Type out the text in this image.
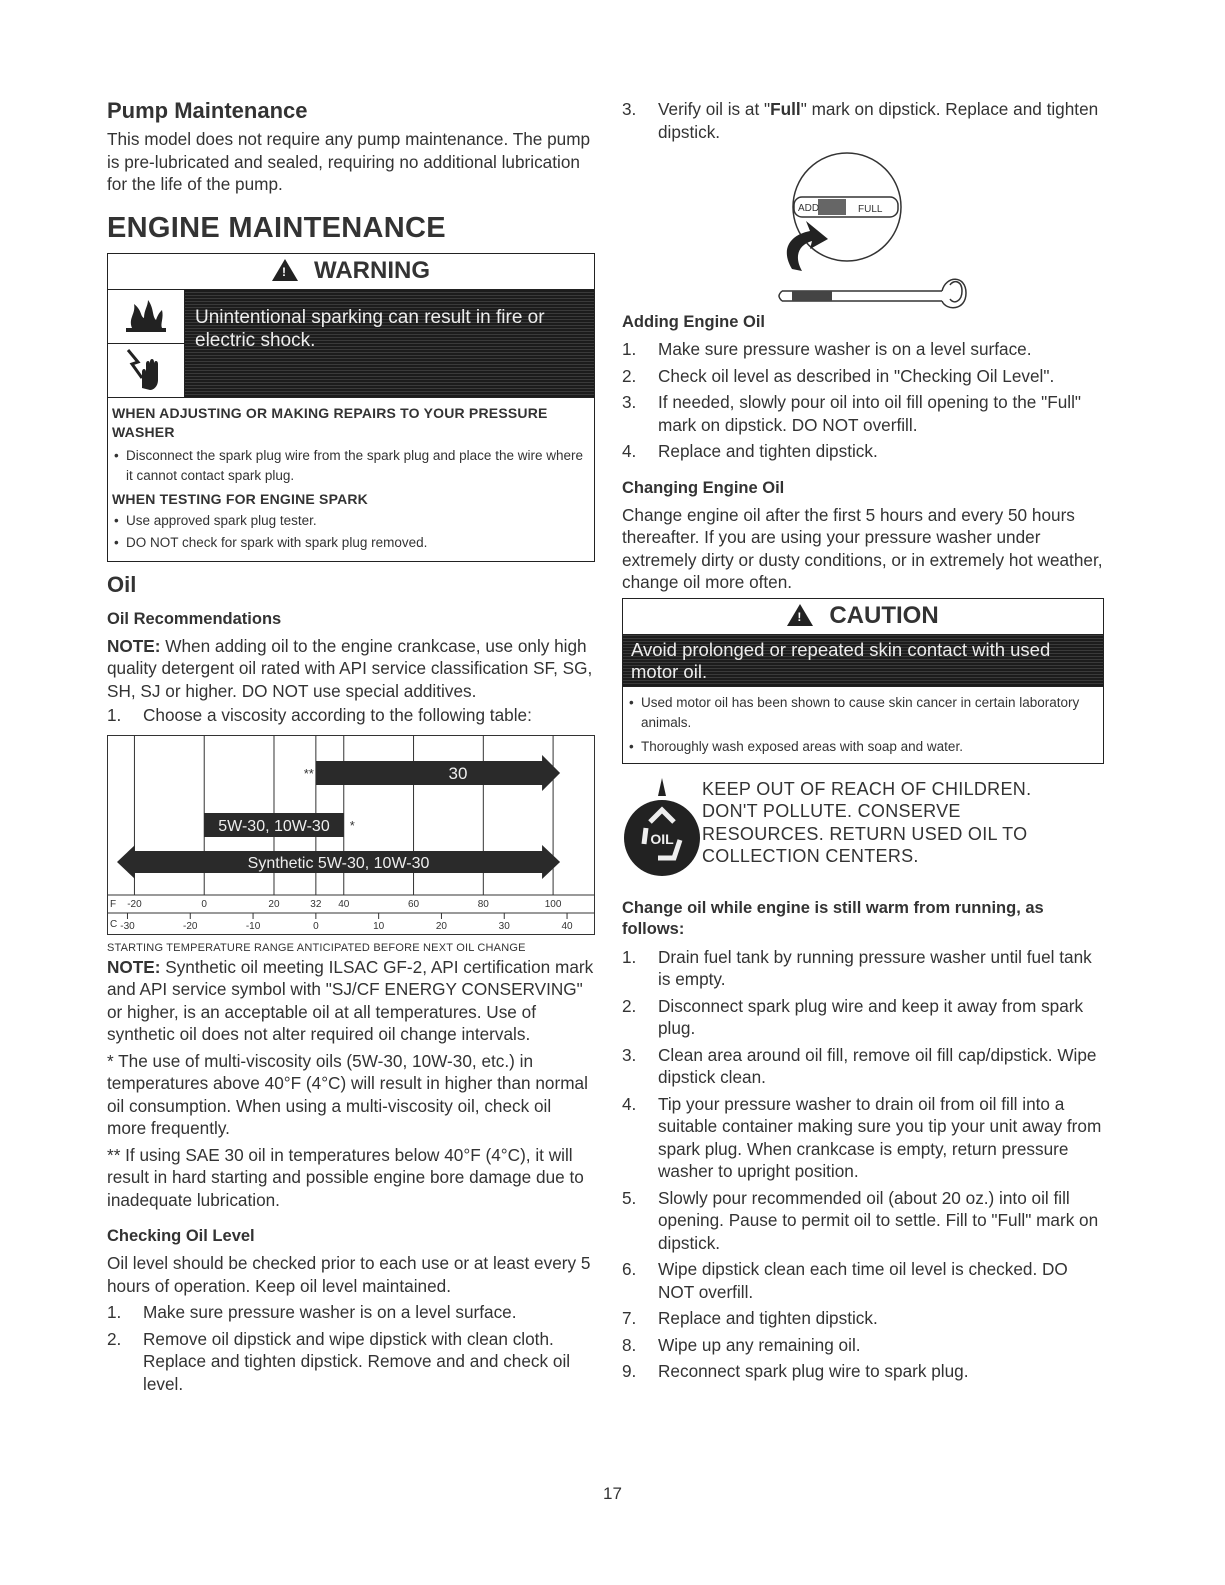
Pump Maintenance

This model does not require any pump maintenance. The pump is pre-lubricated and sealed, requiring no additional lubrication for the life of the pump.

ENGINE MAINTENANCE
! WARNING
Unintentional sparking can result in fire or electric shock.
WHEN ADJUSTING OR MAKING REPAIRS TO YOUR PRESSURE WASHER
• Disconnect the spark plug wire from the spark plug and place the wire where it cannot contact spark plug.
WHEN TESTING FOR ENGINE SPARK
• Use approved spark plug tester.
• DO NOT check for spark with spark plug removed.
Oil
Oil Recommendations

NOTE: When adding oil to the engine crankcase, use only high quality detergent oil rated with API service classification SF, SG, SH, SJ or higher. DO NOT use special additives.

1. Choose a viscosity according to the following table:
30
**
5W-30, 10W-30 *
Synthetic 5W-30, 10W-30
F -20	0	20	32 40	60	80	100
C -30	-20	-10	0	10	20	30	40
STARTING TEMPERATURE RANGE ANTICIPATED BEFORE NEXT OIL CHANGE

NOTE: Synthetic oil meeting ILSAC GF-2, API certification mark and API service symbol with "SJ/CF ENERGY CONSERVING" or higher, is an acceptable oil at all temperatures. Use of synthetic oil does not alter required oil change intervals.

* The use of multi-viscosity oils (5W-30, 10W-30, etc.) in temperatures above 40°F (4°C) will result in higher than normal oil consumption. When using a multi-viscosity oil, check oil more frequently.

** If using SAE 30 oil in temperatures below 40°F (4°C), it will result in hard starting and possible engine bore damage due to inadequate lubrication.

Checking Oil Level

Oil level should be checked prior to each use or at least every 5 hours of operation. Keep oil level maintained.

1. Make sure pressure washer is on a level surface.
2. Remove oil dipstick and wipe dipstick with clean cloth. Replace and tighten dipstick. Remove and and check oil level.
3. Verify oil is at "Full" mark on dipstick. Replace and tighten dipstick.
ADD	FULL
Adding Engine Oil
1. Make sure pressure washer is on a level surface.
2. Check oil level as described in "Checking Oil Level".
3. If needed, slowly pour oil into oil fill opening to the "Full" mark on dipstick. DO NOT overfill.
4. Replace and tighten dipstick.
Changing Engine Oil

Change engine oil after the first 5 hours and every 50 hours thereafter. If you are using your pressure washer under extremely dirty or dusty conditions, or in extremely hot weather, change oil more often.

! CAUTION
Avoid prolonged or repeated skin contact with used motor oil.
• Used motor oil has been shown to cause skin cancer in certain laboratory animals.
• Thoroughly wash exposed areas with soap and water.
OIL
KEEP OUT OF REACH OF CHILDREN. DON'T POLLUTE. CONSERVE RESOURCES. RETURN USED OIL TO COLLECTION CENTERS.
Change oil while engine is still warm from running, as follows:
1. Drain fuel tank by running pressure washer until fuel tank is empty.
2. Disconnect spark plug wire and keep it away from spark plug.
3. Clean area around oil fill, remove oil fill cap/dipstick. Wipe dipstick clean.
4. Tip your pressure washer to drain oil from oil fill into a suitable container making sure you tip your unit away from spark plug. When crankcase is empty, return pressure washer to upright position.
5. Slowly pour recommended oil (about 20 oz.) into oil fill opening. Pause to permit oil to settle. Fill to "Full" mark on dipstick.
6. Wipe dipstick clean each time oil level is checked. DO NOT overfill.
7. Replace and tighten dipstick.
8. Wipe up any remaining oil.
9. Reconnect spark plug wire to spark plug.
17
